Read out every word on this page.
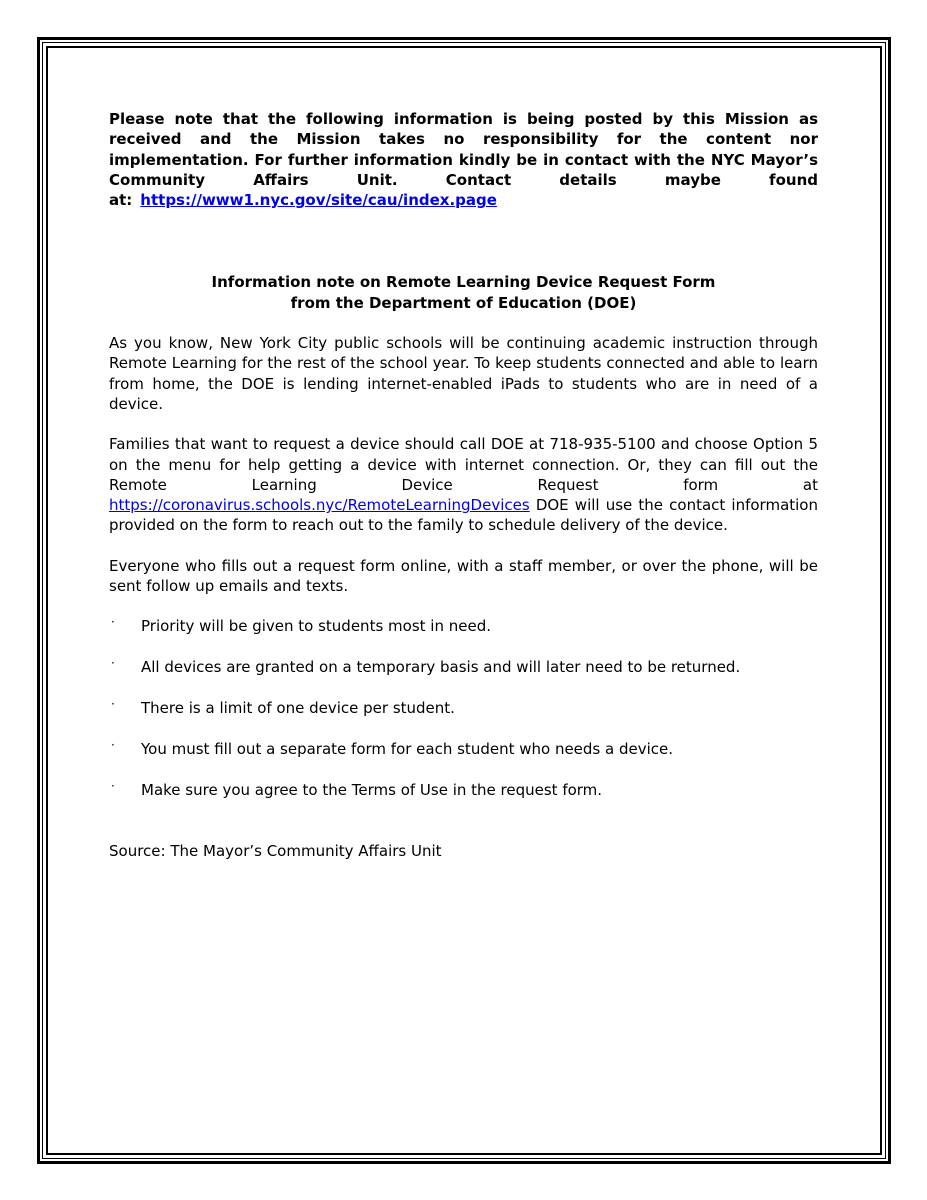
Please note that the following information is being posted by this Mission as received and the Mission takes no responsibility for the content nor implementation. For further information kindly be in contact with the NYC Mayor’s Community Affairs Unit. Contact details maybe found at: https://www1.nyc.gov/site/cau/index.page

Information note on Remote Learning Device Request Form
from the Department of Education (DOE)

As you know, New York City public schools will be continuing academic instruction through Remote Learning for the rest of the school year. To keep students connected and able to learn from home, the DOE is lending internet-enabled iPads to students who are in need of a device.

Families that want to request a device should call DOE at 718-935-5100 and choose Option 5 on the menu for help getting a device with internet connection. Or, they can fill out the Remote Learning Device Request form at https://coronavirus.schools.nyc/RemoteLearningDevices DOE will use the contact information provided on the form to reach out to the family to schedule delivery of the device.

Everyone who fills out a request form online, with a staff member, or over the phone, will be sent follow up emails and texts.

· Priority will be given to students most in need.
· All devices are granted on a temporary basis and will later need to be returned.
· There is a limit of one device per student.
· You must fill out a separate form for each student who needs a device.
· Make sure you agree to the Terms of Use in the request form.

Source: The Mayor’s Community Affairs Unit
